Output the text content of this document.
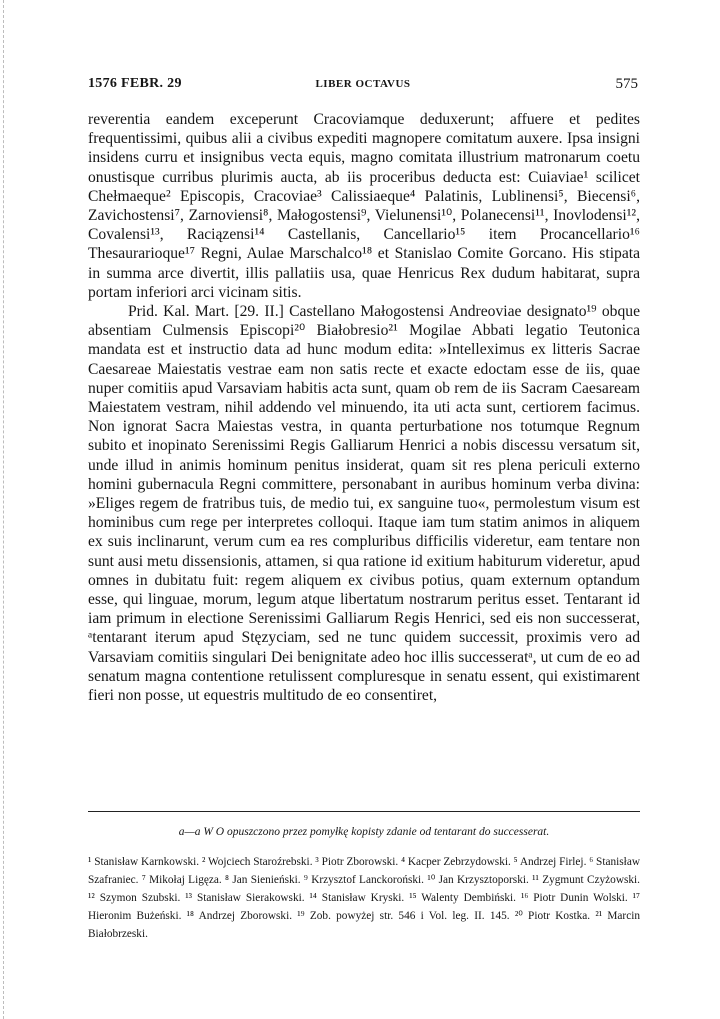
1576 FEBR. 29	LIBER OCTAVUS	575

reverentia eandem exceperunt Cracoviamque deduxerunt; affuere et pedites frequentissimi, quibus alii a civibus expediti magnopere comitatum auxere. Ipsa insigni insidens curru et insignibus vecta equis, magno comitata illustrium matronarum coetu onustisque curribus plurimis aucta, ab iis proceribus deducta est: Cuiaviae¹ scilicet Chełmaeque² Episcopis, Cracoviae³ Calissiaeque⁴ Palatinis, Lublinensi⁵, Biecensi⁶, Zavichostensi⁷, Zarnoviensi⁸, Małogostensi⁹, Vielunensi¹⁰, Polanecensi¹¹, Inovlodensi¹², Covalensi¹³, Raciązensi¹⁴ Castellanis, Cancellario¹⁵ item Procancellario¹⁶ Thesaurarioque¹⁷ Regni, Aulae Marschalco¹⁸ et Stanislao Comite Gorcano. His stipata in summa arce divertit, illis pallatiis usa, quae Henricus Rex dudum habitarat, supra portam inferiori arci vicinam sitis.

Prid. Kal. Mart. [29. II.] Castellano Małogostensi Andreoviae designato¹⁹ obque absentiam Culmensis Episcopi²⁰ Białobresio²¹ Mogilae Abbati legatio Teutonica mandata est et instructio data ad hunc modum edita: »Intelleximus ex litteris Sacrae Caesareae Maiestatis vestrae eam non satis recte et exacte edoctam esse de iis, quae nuper comitiis apud Varsaviam habitis acta sunt, quam ob rem de iis Sacram Caesaream Maiestatem vestram, nihil addendo vel minuendo, ita uti acta sunt, certiorem facimus. Non ignorat Sacra Maiestas vestra, in quanta perturbatione nos totumque Regnum subito et inopinato Serenissimi Regis Galliarum Henrici a nobis discessu versatum sit, unde illud in animis hominum penitus insiderat, quam sit res plena periculi externo homini gubernacula Regni committere, personabant in auribus hominum verba divina: »Eliges regem de fratribus tuis, de medio tui, ex sanguine tuo«, permolestum visum est hominibus cum rege per interpretes colloqui. Itaque iam tum statim animos in aliquem ex suis inclinarunt, verum cum ea res compluribus difficilis videretur, eam tentare non sunt ausi metu dissensionis, attamen, si qua ratione id exitium habiturum videretur, apud omnes in dubitatu fuit: regem aliquem ex civibus potius, quam externum optandum esse, qui linguae, morum, legum atque libertatum nostrarum peritus esset. Tentarant id iam primum in electione Serenissimi Galliarum Regis Henrici, sed eis non successerat, ᵃtentarant iterum apud Stęzyciam, sed ne tunc quidem successit, proximis vero ad Varsaviam comitiis singulari Dei benignitate adeo hoc illis successeratᵃ, ut cum de eo ad senatum magna contentione retulissent compluresque in senatu essent, qui existimarent fieri non posse, ut equestris multitudo de eo consentiret,

a—a W O opuszczono przez pomyłkę kopisty zdanie od tentarant do successerat.
¹ Stanisław Karnkowski. ² Wojciech Staroźrebski. ³ Piotr Zborowski. ⁴ Kacper Zebrzydowski. ⁵ Andrzej Firlej. ⁶ Stanisław Szafraniec. ⁷ Mikołaj Ligęza. ⁸ Jan Sienieński. ⁹ Krzysztof Lanckoroński. ¹⁰ Jan Krzysztoporski. ¹¹ Zygmunt Czyżowski. ¹² Szymon Szubski. ¹³ Stanisław Sierakowski. ¹⁴ Stanisław Kryski. ¹⁵ Walenty Dembiński. ¹⁶ Piotr Dunin Wolski. ¹⁷ Hieronim Bużeński. ¹⁸ Andrzej Zborowski. ¹⁹ Zob. powyżej str. 546 i Vol. leg. II. 145. ²⁰ Piotr Kostka. ²¹ Marcin Białobrzeski.
